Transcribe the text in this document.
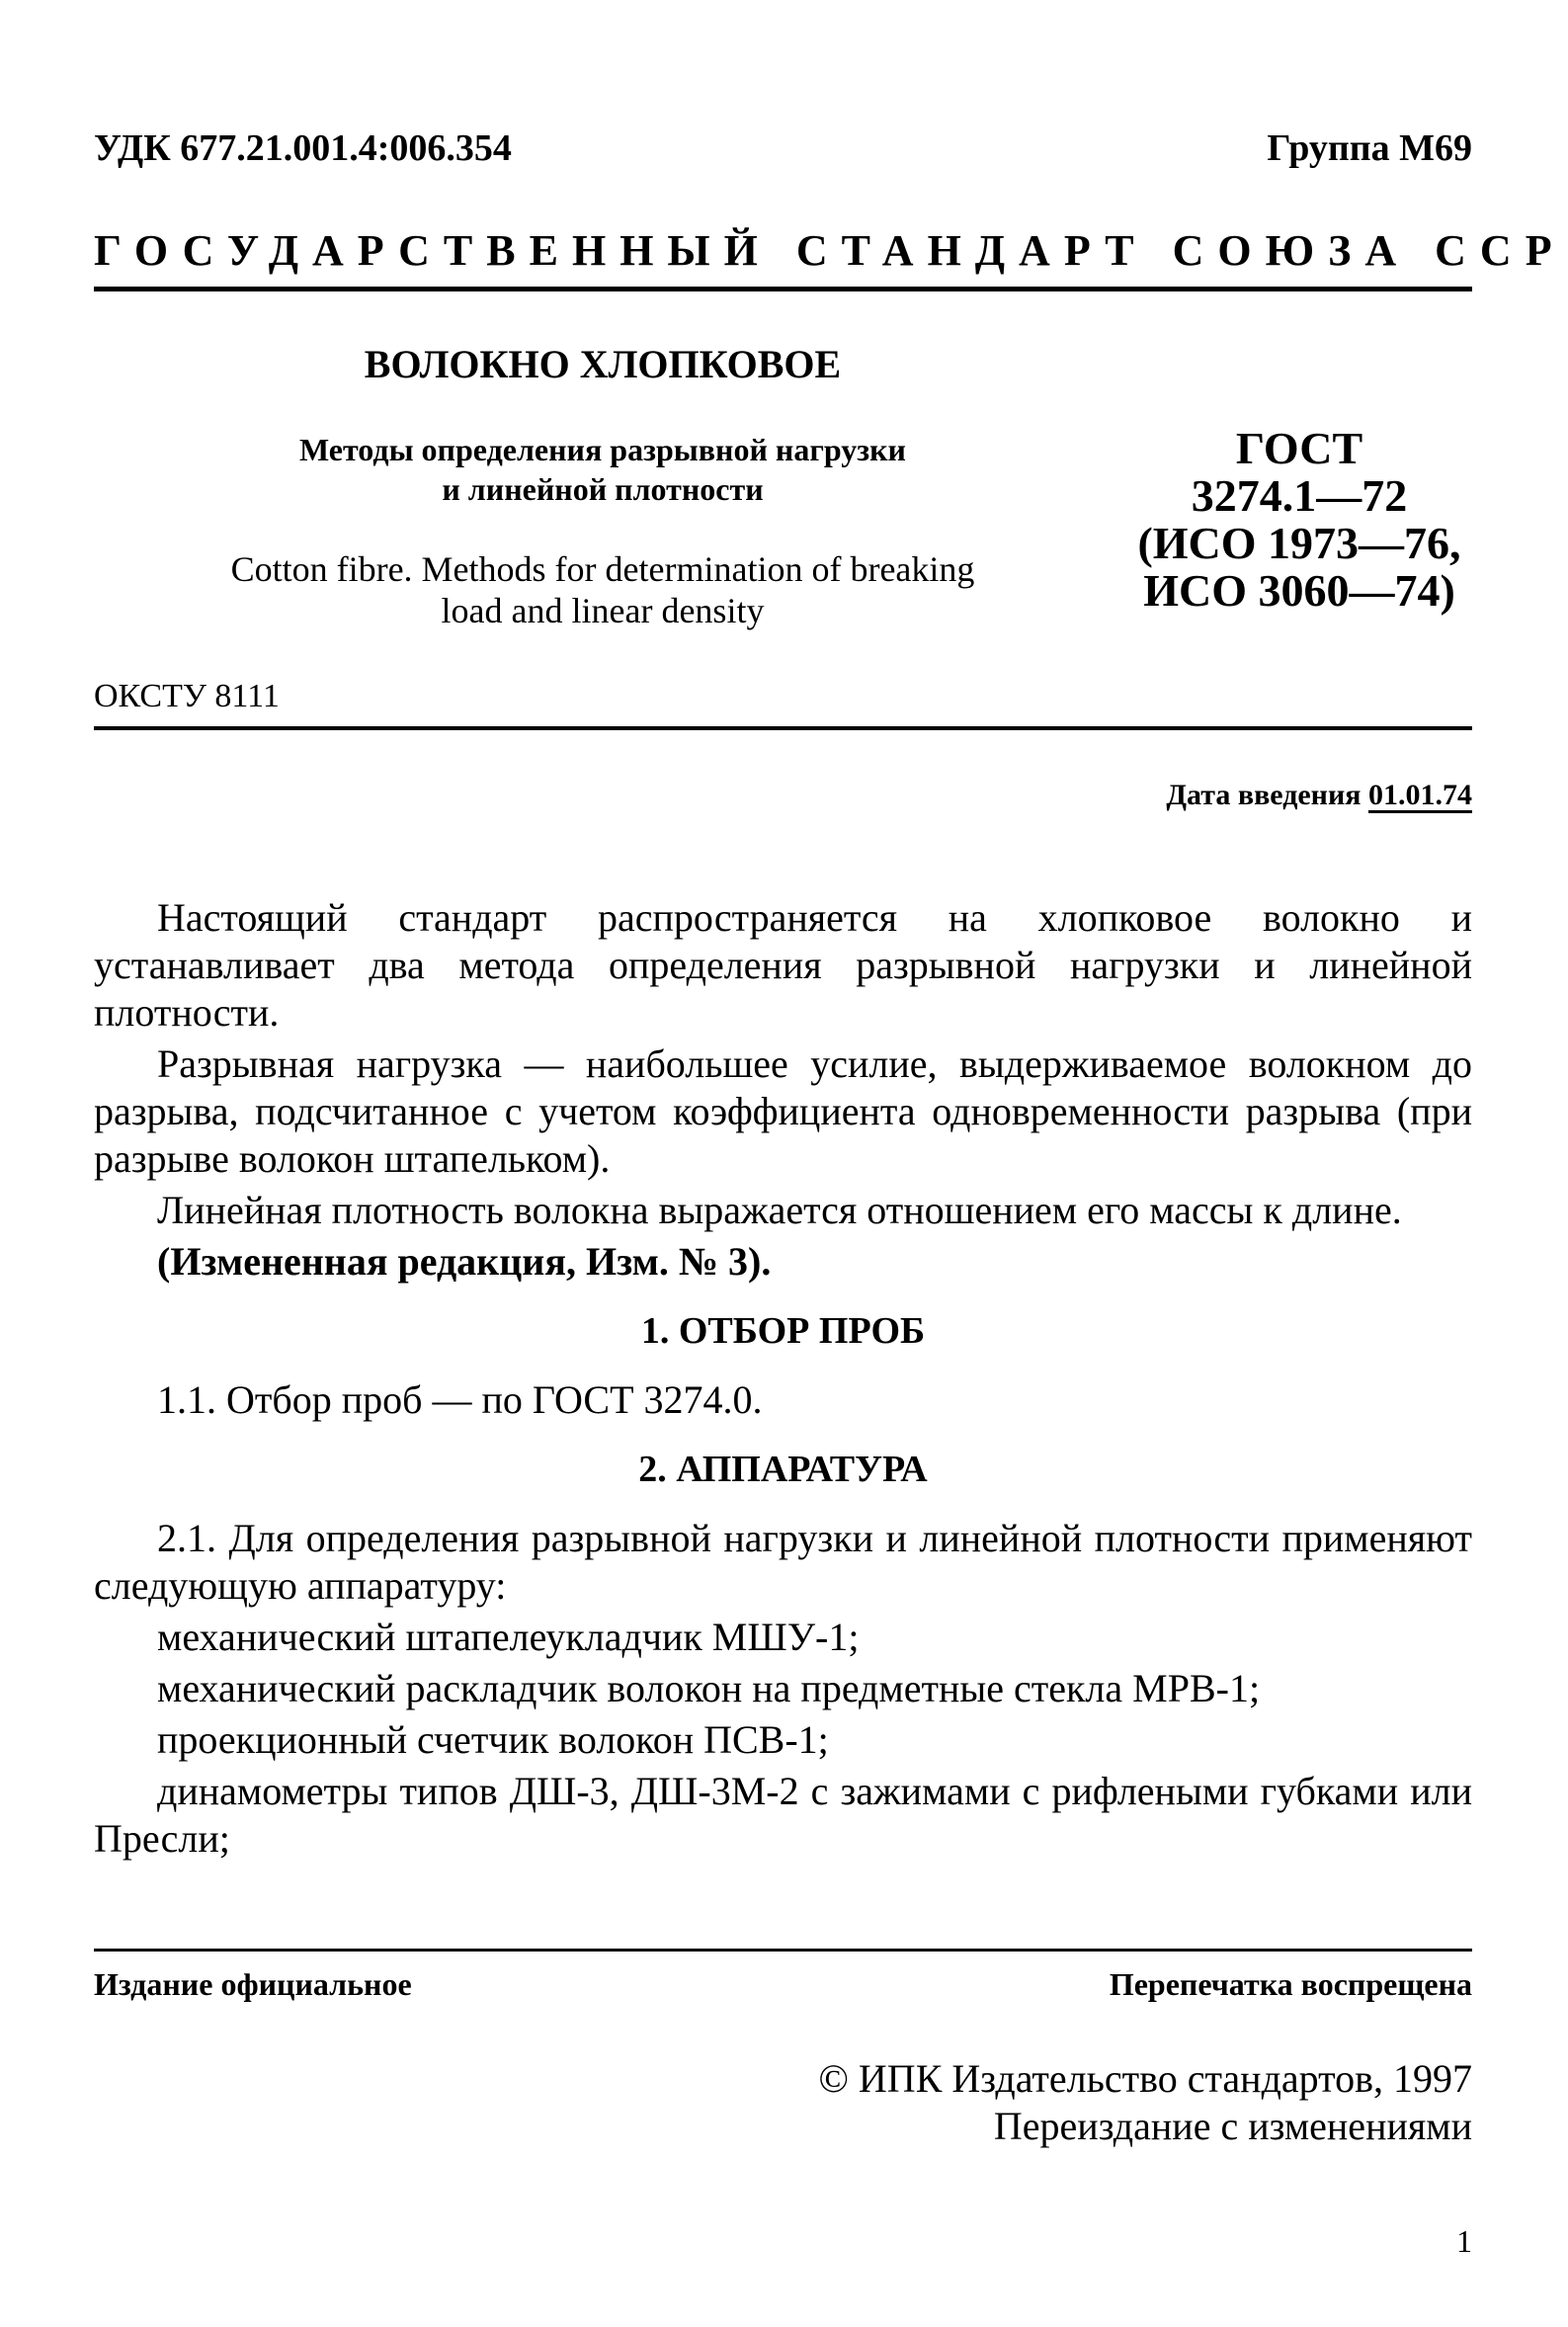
УДК 677.21.001.4:006.354	Группа М69
ГОСУДАРСТВЕННЫЙ СТАНДАРТ СОЮЗА ССР
ВОЛОКНО ХЛОПКОВОЕ
Методы определения разрывной нагрузки
и линейной плотности
Cotton fibre. Methods for determination of breaking
load and linear density
ГОСТ
3274.1—72
(ИСО 1973—76,
ИСО 3060—74)
ОКСТУ 8111
Дата введения 01.01.74

Настоящий стандарт распространяется на хлопковое волокно и устанавливает два метода определения разрывной нагрузки и линейной плотности.

Разрывная нагрузка — наибольшее усилие, выдерживаемое волокном до разрыва, подсчитанное с учетом коэффициента одновременности разрыва (при разрыве волокон штапельком).

Линейная плотность волокна выражается отношением его массы к длине.

(Измененная редакция, Изм. № 3).

1. ОТБОР ПРОБ

1.1. Отбор проб — по ГОСТ 3274.0.

2. АППАРАТУРА

2.1. Для определения разрывной нагрузки и линейной плотности применяют следующую аппаратуру:

механический штапелеукладчик МШУ-1;

механический раскладчик волокон на предметные стекла МРВ-1;

проекционный счетчик волокон ПСВ-1;

динамометры типов ДШ-3, ДШ-3М-2 с зажимами с рифлеными губками или Пресли;

Издание официальное	Перепечатка воспрещена
© ИПК Издательство стандартов, 1997
Переиздание с изменениями
1
